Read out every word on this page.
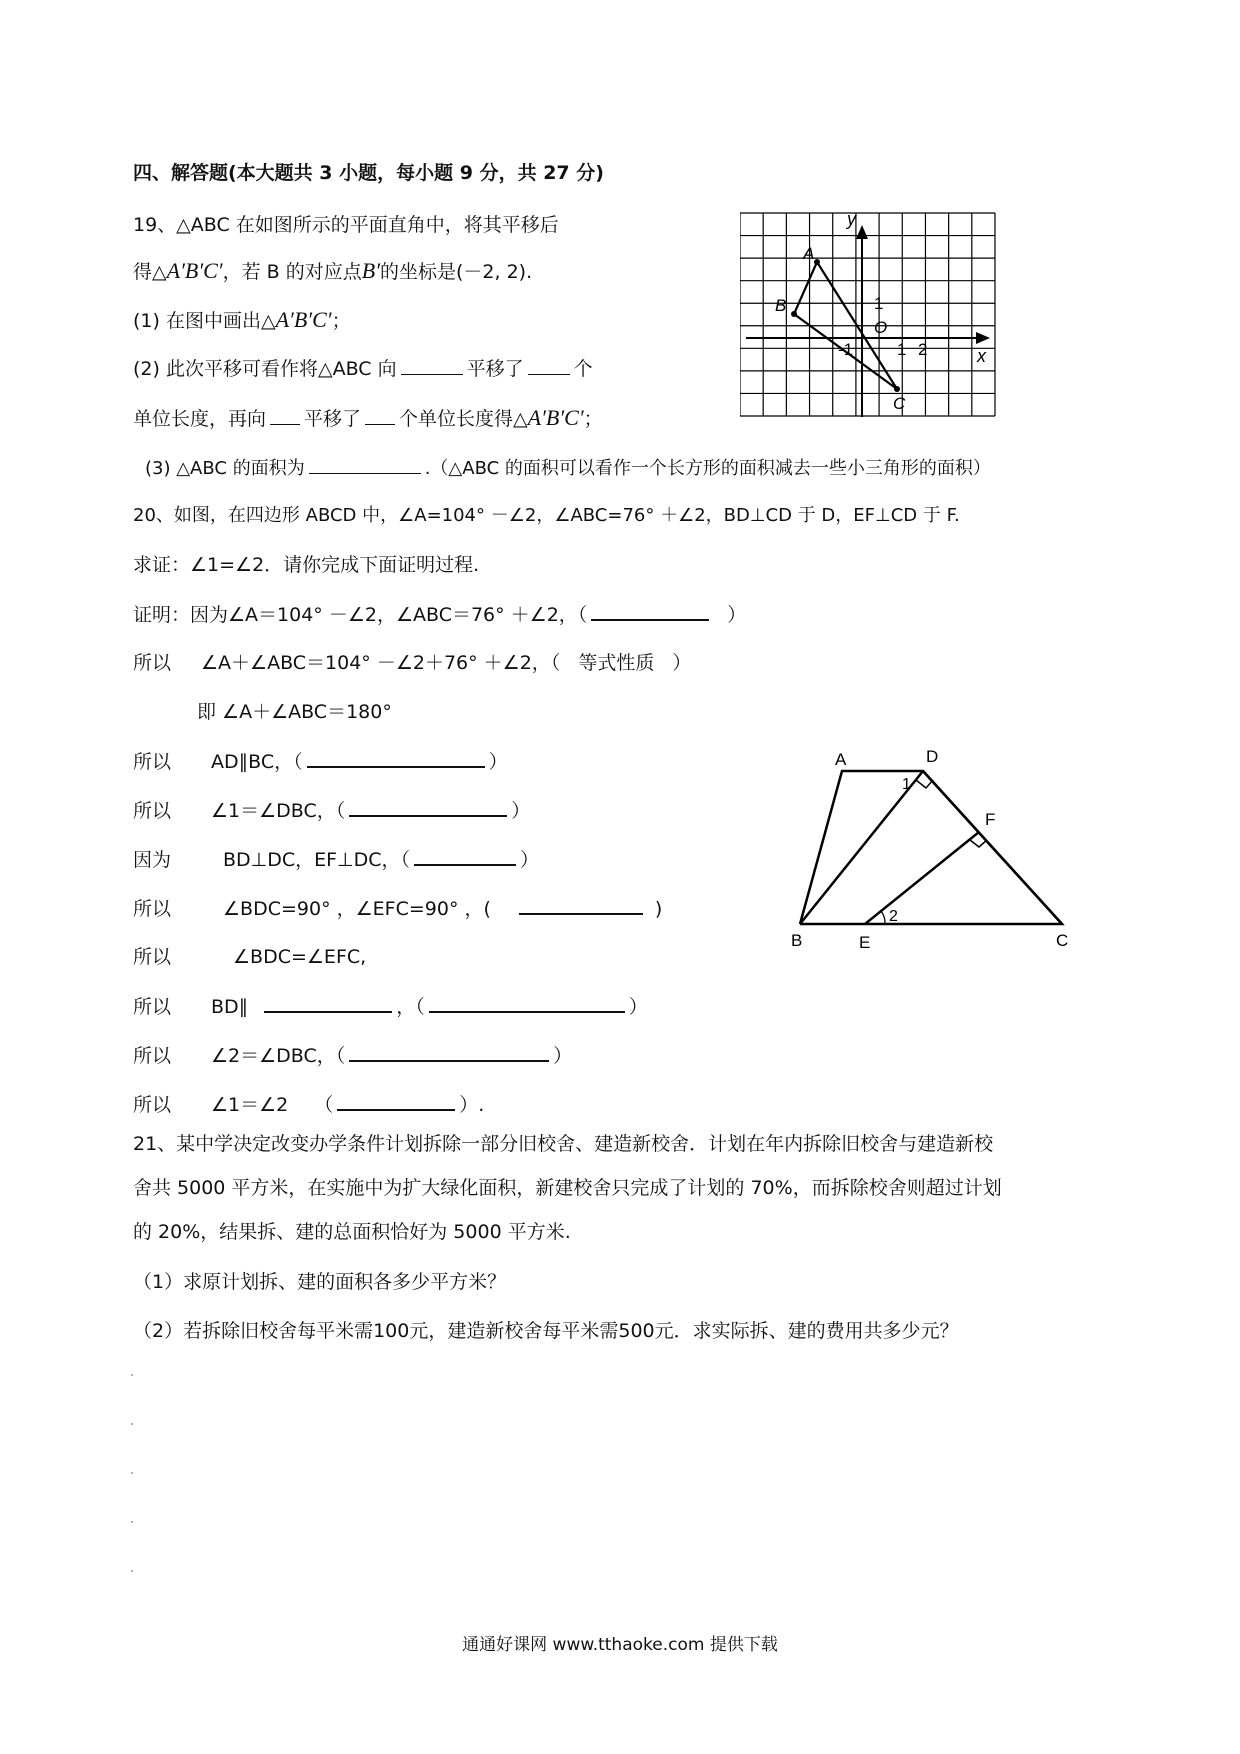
四、解答题(本大题共 3 小题，每小题 9 分，共 27 分)
19、△ABC 在如图所示的平面直角中，将其平移后
得△A′B′C′，若 B 的对应点B′的坐标是(－2, 2).
(1) 在图中画出△A′B′C′；
(2) 此次平移可看作将△ABC 向	平移了	个
单位长度，再向 平移了 个单位长度得△A′B′C′；
(3) △ABC 的面积为	.（△ABC 的面积可以看作一个长方形的面积减去一些小三角形的面积）
y
x
O
1
-1	1 2
A
B
C
20、如图，在四边形 ABCD 中，∠A=104° －∠2，∠ABC=76° ＋∠2，BD⊥CD 于 D，EF⊥CD 于 F.
求证：∠1=∠2．请你完成下面证明过程.
证明：因为∠A＝104° －∠2，∠ABC＝76° ＋∠2，（	）
所以 ∠A＋∠ABC＝104° －∠2＋76° ＋∠2，（ 等式性质 ）
即 ∠A＋∠ABC＝180°
所以 AD∥BC，（	）
所以 ∠1＝∠DBC，（	）
因为	BD⊥DC，EF⊥DC，（	）
所以	∠BDC=90° ，∠EFC=90° ，(	)
所以	∠BDC=∠EFC,
所以 BD∥	，（	）
所以 ∠2＝∠DBC，（	）
所以 ∠1＝∠2 （	）.
A	D
F
B	E	C
1
2
21、某中学决定改变办学条件计划拆除一部分旧校舍、建造新校舍．计划在年内拆除旧校舍与建造新校
舍共 5000 平方米，在实施中为扩大绿化面积，新建校舍只完成了计划的 70%，而拆除校舍则超过计划
的 20%，结果拆、建的总面积恰好为 5000 平方米.
（1）求原计划拆、建的面积各多少平方米？
（2）若拆除旧校舍每平米需100元，建造新校舍每平米需500元．求实际拆、建的费用共多少元？
通通好课网 www.tthaoke.com 提供下载
